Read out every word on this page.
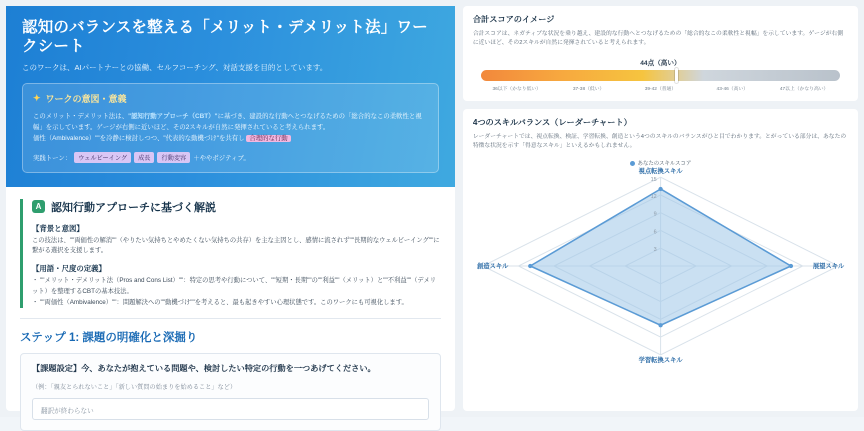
認知のバランスを整える「メリット・デメリット法」ワークシート

このワークは、AIパートナーとの協働、セルフコーチング、対話支援を目的としています。

✦ ワークの意図・意義
このメリット・デメリット法は、"認知行動アプローチ（CBT）"に基づき、建設的な行動へとつなげるための「総合的なこの柔軟性と視幅」を示しています。ゲージが右側に近いほど、その2スキルが自然に発揮されていると考えられます。
価性（Ambivalence）""を冷静に検討しつつ、"代表的な動機づけ"を共有し 合理的な行動
実践トーン：	ウェルビーイング	成長	行動変容	＋ややポジティブ。
A 認知行動アプローチに基づく解説
【背景と意図】
この技法は、""両価性の解消""（やりたい気持ちとやめたくない気持ちの共存）を主な主因とし、感情に流されず""長期的なウェルビーイング""に繋がる選択を支援します。
【用語・尺度の定義】
・ ""メリット・デメリット法（Pros and Cons List）""：特定の思考や行動について、""短期・長期""の""利益""（メリット）と""不利益""（デメリット）を整理するCBTの基本技法。
・ ""両価性（Ambivalence）""：問題解決への""動機づけ""を考えると、最も起きやすい心理状態です。このワークにも可視化します。
ステップ 1: 課題の明確化と深掘り
【課題設定】今、あなたが抱えている問題や、検討したい特定の行動を一つあげてください。
（例：「親友とられないこと」「新しい質問の始まりを始めること」など）
翻訳が終わらない
合計スコアのイメージ

合計スコアは、ネガティブな状況を乗り越え、建設的な行動へとつなげるための「総合的なこの柔軟性と視幅」を示しています。ゲージが右側に近いほど、その2スキルが自然に発揮されていると考えられます。

44点（高い）
36以下（かなり低い）	37-38（低い）	39-42（普通）	43-46（高い）	47以上（かなり高い）
4つのスキルバランス（レーダーチャート）

レーダーチャートでは、視点転換、検証、学習転換、創造という4つのスキルのバランスがひと目でわかります。とがっている部分は、あなたの特徴な状況を示す「得意なスキル」といえるかもしれません。

あなたのスキルスコア
3
6
9
12
15
視点転換スキル
展望スキル
学習転換スキル
創造スキル
